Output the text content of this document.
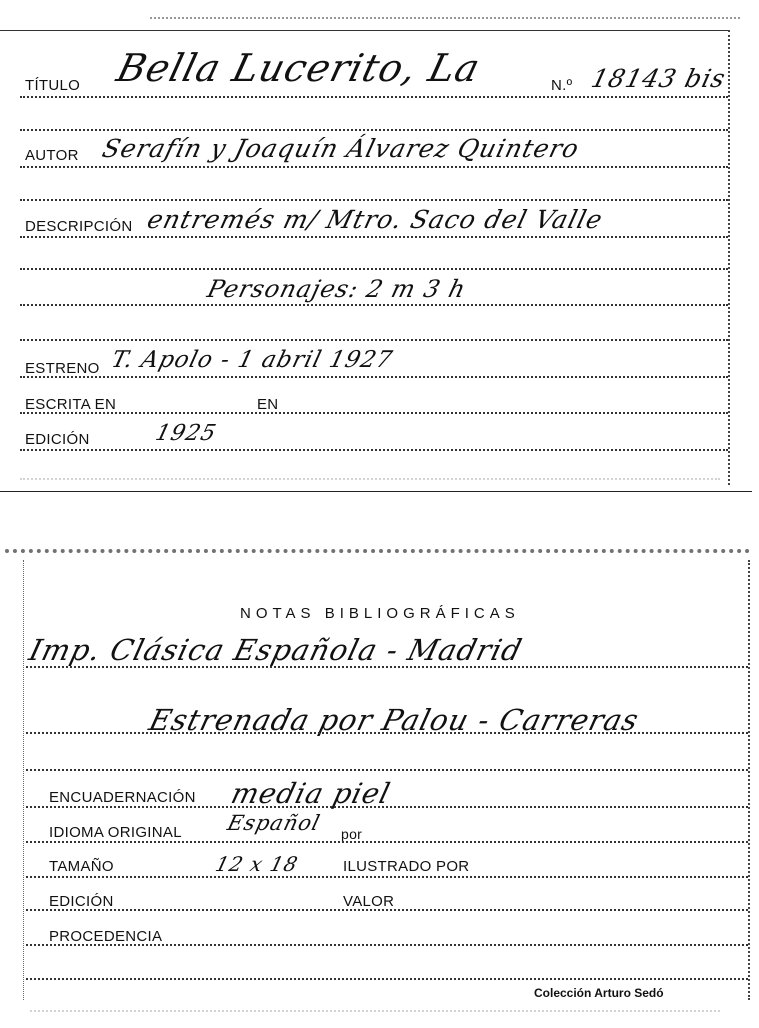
TÍTULO Bella Lucerito, La	N.º 18143 bis
AUTOR Serafín y Joaquín Álvarez Quintero
DESCRIPCIÓN entremés m/ Mtro. Saco del Valle
Personajes: 2 m 3 h
ESTRENO T. Apolo - 1 abril 1927
ESCRITA EN	EN
EDICIÓN	1925
NOTAS BIBLIOGRÁFICAS
Imp. Clásica Española - Madrid
Estrenada por Palou - Carreras
ENCUADERNACIÓN media piel
IDIOMA ORIGINAL Español por
TAMAÑO	12 x 18	ILUSTRADO POR
EDICIÓN	VALOR
PROCEDENCIA
Colección Arturo Sedó
